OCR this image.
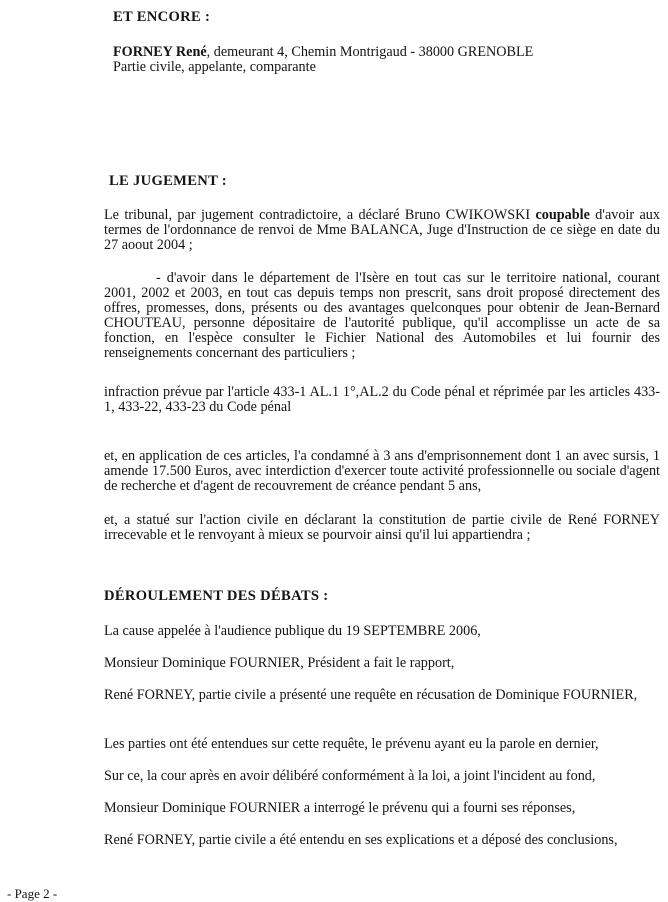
ET ENCORE :

FORNEY René, demeurant 4, Chemin Montrigaud - 38000 GRENOBLE
Partie civile, appelante, comparante

LE JUGEMENT :

Le tribunal, par jugement contradictoire, a déclaré Bruno CWIKOWSKI coupable d'avoir aux termes de l'ordonnance de renvoi de Mme BALANCA, Juge d'Instruction de ce siège en date du 27 aoout 2004 ;

- d'avoir dans le département de l'Isère en tout cas sur le territoire national, courant 2001, 2002 et 2003, en tout cas depuis temps non prescrit, sans droit proposé directement des offres, promesses, dons, présents ou des avantages quelconques pour obtenir de Jean-Bernard CHOUTEAU, personne dépositaire de l'autorité publique, qu'il accomplisse un acte de sa fonction, en l'espèce consulter le Fichier National des Automobiles et lui fournir des renseignements concernant des particuliers ;

infraction prévue par l'article 433-1 AL.1 1°,AL.2 du Code pénal et réprimée par les articles 433-1, 433-22, 433-23 du Code pénal

et, en application de ces articles, l'a condamné à 3 ans d'emprisonnement dont 1 an avec sursis, 1 amende 17.500 Euros, avec interdiction d'exercer toute activité professionnelle ou sociale d'agent de recherche et d'agent de recouvrement de créance pendant 5 ans,

et, a statué sur l'action civile en déclarant la constitution de partie civile de René FORNEY irrecevable et le renvoyant à mieux se pourvoir ainsi qu'il lui appartiendra ;

DÉROULEMENT DES DÉBATS :

La cause appelée à l'audience publique du 19 SEPTEMBRE 2006,

Monsieur Dominique FOURNIER, Président a fait le rapport,

René FORNEY, partie civile a présenté une requête en récusation de Dominique FOURNIER,

Les parties ont été entendues sur cette requête, le prévenu ayant eu la parole en dernier,

Sur ce, la cour après en avoir délibéré conformément à la loi, a joint l'incident au fond,

Monsieur Dominique FOURNIER a interrogé le prévenu qui a fourni ses réponses,

René FORNEY, partie civile a été entendu en ses explications et a déposé des conclusions,

- Page 2 -
